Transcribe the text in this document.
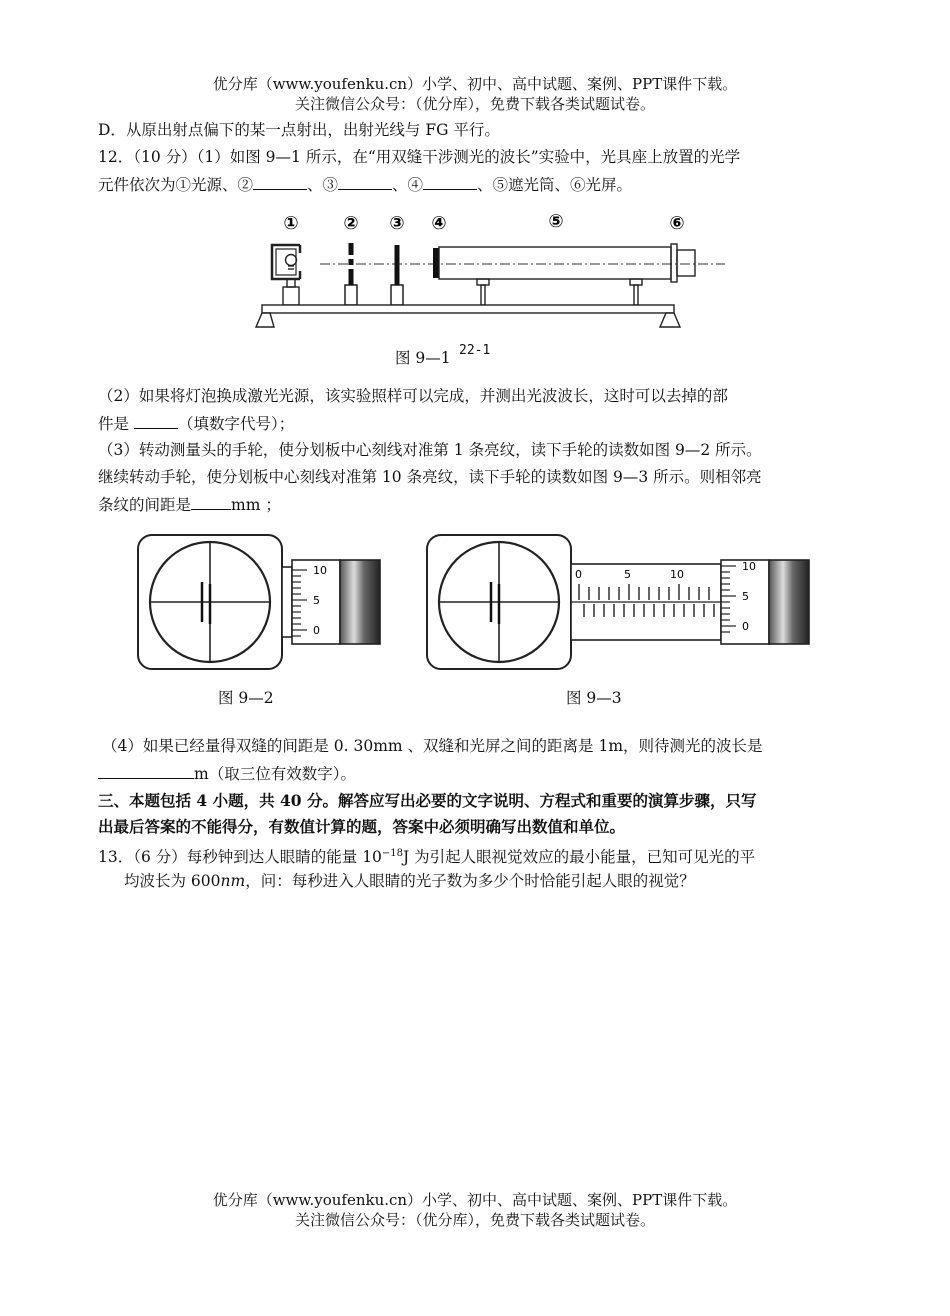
优分库（www.youfenku.cn）小学、初中、高中试题、案例、PPT课件下载。
关注微信公众号：（优分库），免费下载各类试题试卷。
D．从原出射点偏下的某一点射出，出射光线与 FG 平行。
12．（10 分）（1）如图 9—1 所示，在“用双缝干涉测光的波长”实验中，光具座上放置的光学
元件依次为①光源、②	、③	、④	、⑤遮光筒、⑥光屏。
① ② ③ ④	⑤	⑥
图 9—1 22-1
（2）如果将灯泡换成激光光源，该实验照样可以完成，并测出光波波长，这时可以去掉的部
件是	（填数字代号）；
（3）转动测量头的手轮，使分划板中心刻线对准第 1 条亮纹，读下手轮的读数如图 9—2 所示。
继续转动手轮，使分划板中心刻线对准第 10 条亮纹，读下手轮的读数如图 9—3 所示。则相邻亮
条纹的间距是	mm ；
10
5
0
图 9—2
0	5	10
10
5
0
图 9—3
（4）如果已经量得双缝的间距是 0. 30mm 、双缝和光屏之间的距离是 1m，则待测光的波长是
m（取三位有效数字）。
三、本题包括 4 小题，共 40 分。解答应写出必要的文字说明、方程式和重要的演算步骤，只写
出最后答案的不能得分，有数值计算的题，答案中必须明确写出数值和单位。
13．（6 分）每秒钟到达人眼睛的能量 $10^{-18}J$ 为引起人眼视觉效应的最小能量，已知可见光的平
均波长为 600nm，问：每秒进入人眼睛的光子数为多少个时恰能引起人眼的视觉？
优分库（www.youfenku.cn）小学、初中、高中试题、案例、PPT课件下载。
关注微信公众号：（优分库），免费下载各类试题试卷。
